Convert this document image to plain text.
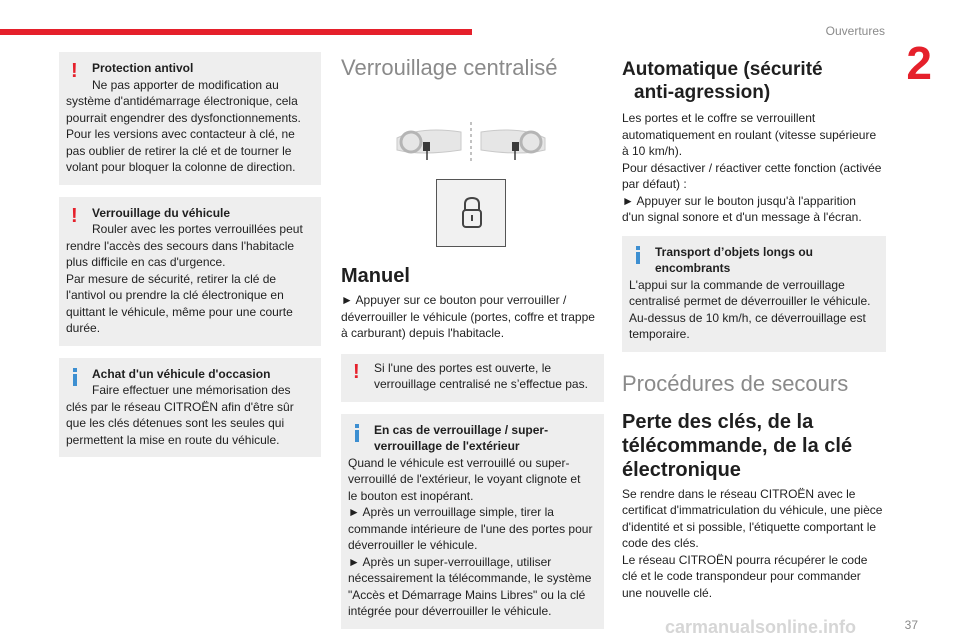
Ouvertures
2
!	Protection antivol
Ne pas apporter de modification au
système d'antidémarrage électronique, cela
pourrait engendrer des dysfonctionnements.
Pour les versions avec contacteur à clé, ne
pas oublier de retirer la clé et de tourner le
volant pour bloquer la colonne de direction.
!	Verrouillage du véhicule
Rouler avec les portes verrouillées peut
rendre l'accès des secours dans l'habitacle
plus difficile en cas d'urgence.
Par mesure de sécurité, retirer la clé de
l'antivol ou prendre la clé électronique en
quittant le véhicule, même pour une courte
durée.
Achat d'un véhicule d'occasion
Faire effectuer une mémorisation des
clés par le réseau CITROËN afin d'être sûr
que les clés détenues sont les seules qui
permettent la mise en route du véhicule.
Verrouillage centralisé
Manuel
► Appuyer sur ce bouton pour verrouiller /
déverrouiller le véhicule (portes, coffre et trappe
à carburant) depuis l'habitacle.
!	Si l'une des portes est ouverte, le
verrouillage centralisé ne s’effectue pas.
En cas de verrouillage / super-
verrouillage de l'extérieur
Quand le véhicule est verrouillé ou super-
verrouillé de l'extérieur, le voyant clignote et
le bouton est inopérant.
► Après un verrouillage simple, tirer la
commande intérieure de l'une des portes pour
déverrouiller le véhicule.
► Après un super-verrouillage, utiliser
nécessairement la télécommande, le système
"Accès et Démarrage Mains Libres" ou la clé
intégrée pour déverrouiller le véhicule.
Automatique (sécurité
anti-agression)
Les portes et le coffre se verrouillent
automatiquement en roulant (vitesse supérieure
à 10 km/h).
Pour désactiver / réactiver cette fonction (activée
par défaut) :
► Appuyer sur le bouton jusqu'à l'apparition
d'un signal sonore et d'un message à l'écran.
Transport d’objets longs ou
encombrants
L'appui sur la commande de verrouillage
centralisé permet de déverrouiller le véhicule.
Au-dessus de 10 km/h, ce déverrouillage est
temporaire.
Procédures de secours
Perte des clés, de la
télécommande, de la clé
électronique
Se rendre dans le réseau CITROËN avec le
certificat d'immatriculation du véhicule, une pièce
d'identité et si possible, l'étiquette comportant le
code des clés.
Le réseau CITROËN pourra récupérer le code
clé et le code transpondeur pour commander
une nouvelle clé.
37
carmanualsonline.info
